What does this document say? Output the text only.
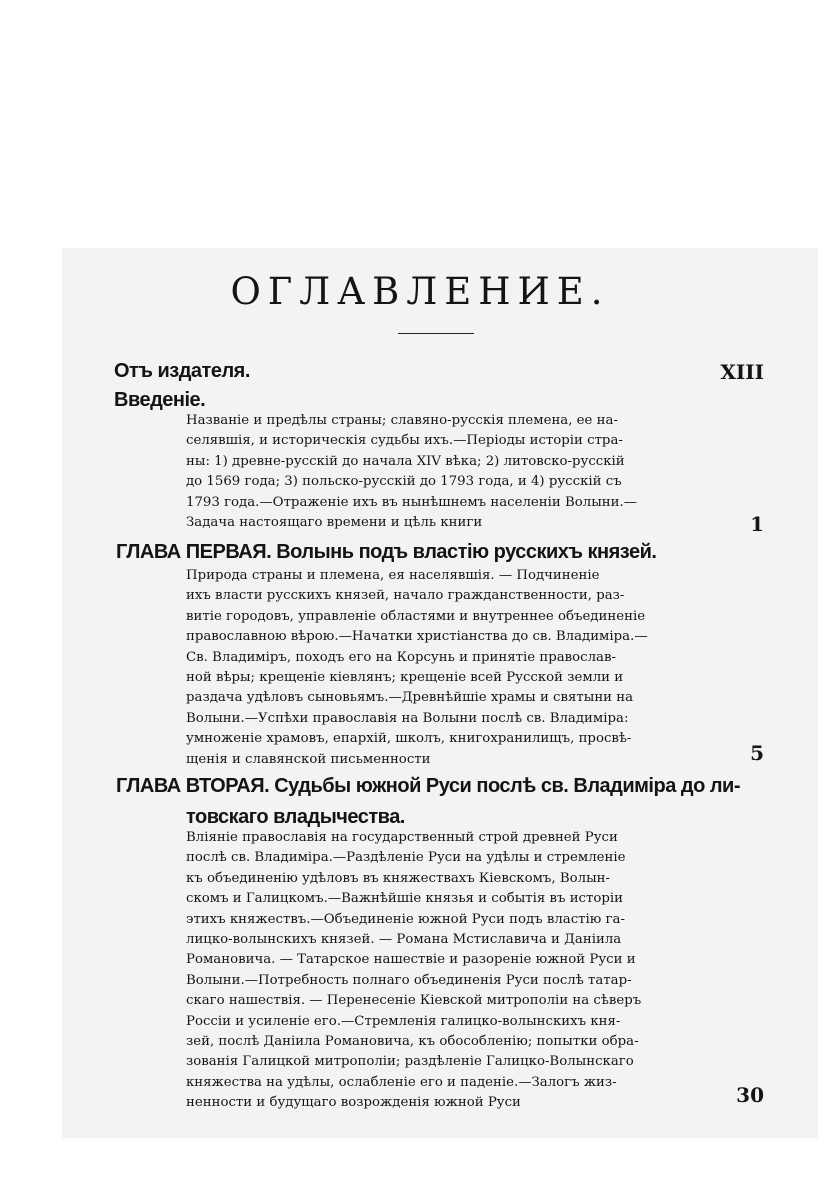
ОГЛАВЛЕНИЕ.
Отъ издателя.	XIII
Введеніе.
Названіе и предѣлы страны; славяно-русскія племена, ее на-
селявшія, и историческія судьбы ихъ.—Періоды исторіи стра-
ны: 1) древне-русскій до начала XIV вѣка; 2) литовско-русскій
до 1569 года; 3) польско-русскій до 1793 года, и 4) русскій съ
1793 года.—Отраженіе ихъ въ нынѣшнемъ населеніи Волыни.—
Задача настоящаго времени и цѣль книги	1
ГЛАВА ПЕРВАЯ. Волынь подъ властію русскихъ князей.
Природа страны и племена, ея населявшія. — Подчиненіе
ихъ власти русскихъ князей, начало гражданственности, раз-
витіе городовъ, управленіе областями и внутреннее объединеніе
православною вѣрою.—Начатки христіанства до св. Владиміра.—
Св. Владиміръ, походъ его на Корсунь и принятіе православ-
ной вѣры; крещеніе кіевлянъ; крещеніе всей Русской земли и
раздача удѣловъ сыновьямъ.—Древнѣйшіе храмы и святыни на
Волыни.—Успѣхи православія на Волыни послѣ св. Владиміра:
умноженіе храмовъ, епархій, школъ, книгохранилищъ, просвѣ-
щенія и славянской письменности	5
ГЛАВА ВТОРАЯ. Судьбы южной Руси послѣ св. Владиміра до ли-
товскаго владычества.
Вліяніе православія на государственный строй древней Руси
послѣ св. Владиміра.—Раздѣленіе Руси на удѣлы и стремленіе
къ объединенію удѣловъ въ княжествахъ Кіевскомъ, Волын-
скомъ и Галицкомъ.—Важнѣйшіе князья и событія въ исторіи
этихъ княжествъ.—Объединеніе южной Руси подъ властію га-
лицко-волынскихъ князей. — Романа Мстиславича и Даніила
Романовича. — Татарское нашествіе и разореніе южной Руси и
Волыни.—Потребность полнаго объединенія Руси послѣ татар-
скаго нашествія. — Перенесеніе Кіевской митрополіи на сѣверъ
Россіи и усиленіе его.—Стремленія галицко-волынскихъ кня-
зей, послѣ Даніила Романовича, къ обособленію; попытки обра-
зованія Галицкой митрополіи; раздѣленіе Галицко-Волынскаго
княжества на удѣлы, ослабленіе его и паденіе.—Залогъ жиз-
ненности и будущаго возрожденія южной Руси	30
